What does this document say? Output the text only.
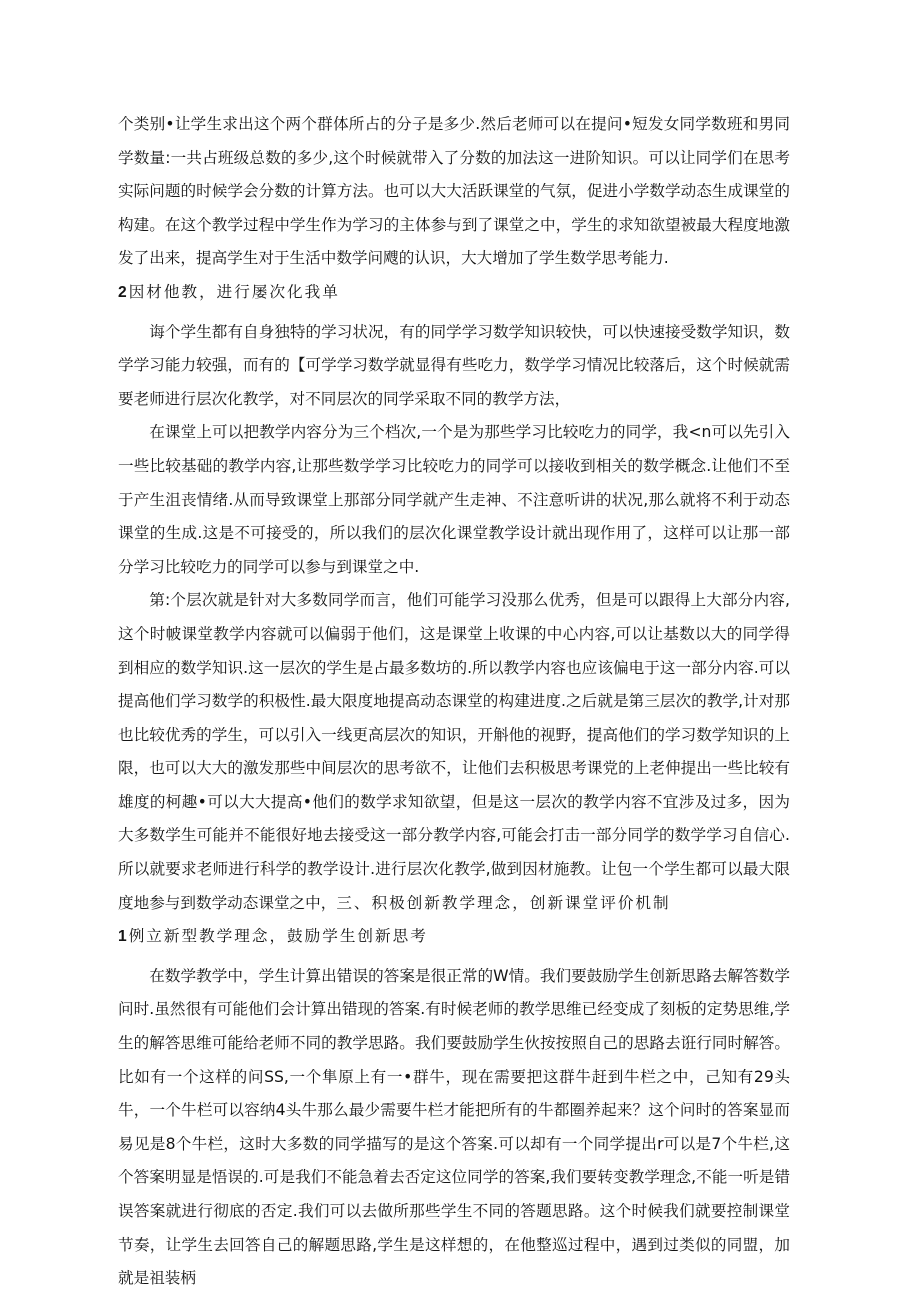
个类别•让学生求出这个两个群体所占的分子是多少.然后老师可以在提问•短发女同学数班和男同学数量:一共占班级总数的多少,这个时候就带入了分数的加法这一进阶知识。可以让同学们在思考实际问题的时候学会分数的计算方法。也可以大大活跃课堂的气氛，促进小学数学动态生成课堂的构建。在这个教学过程中学生作为学习的主体参与到了课堂之中，学生的求知欲望被最大程度地激发了出来，提高学生对于生活中数学问飕的认识，大大增加了学生数学思考能力.

2 因材他教，进行屡次化我单

诲个学生都有自身独特的学习状况，有的同学学习数学知识较快，可以快速接受数学知识，数学学习能力较强，而有的【可学学习数学就显得有些吃力，数学学习情况比较落后，这个时候就需要老师进行层次化教学，对不同层次的同学采取不同的教学方法，

在课堂上可以把教学内容分为三个档次,一个是为那些学习比较吃力的同学，我<n可以先引入一些比较基础的教学内容,让那些数学学习比较吃力的同学可以接收到相关的数学概念.让他们不至于产生沮丧情绪.从而导致课堂上那部分同学就产生走神、不注意听讲的状况,那么就将不利于动态课堂的生成.这是不可接受的，所以我们的层次化课堂教学设计就出现作用了，这样可以让那一部分学习比较吃力的同学可以参与到课堂之中.

第:个层次就是针对大多数同学而言，他们可能学习没那么优秀，但是可以跟得上大部分内容,这个时帔课堂教学内容就可以偏弱于他们，这是课堂上收课的中心内容,可以让基数以大的同学得到相应的数学知识.这一层次的学生是占最多数坊的.所以教学内容也应该偏电于这一部分内容.可以提高他们学习数学的积极性.最大限度地提高动态课堂的构建进度.之后就是第三层次的教学,计对那也比较优秀的学生，可以引入一线更高层次的知识，开斛他的视野，提高他们的学习数学知识的上限，也可以大大的激发那些中间层次的思考欲不，让他们去积极思考课党的上老伸提出一些比较有雄度的柯趣•可以大大提高•他们的数学求知欲望，但是这一层次的教学内容不宜涉及过多，因为大多数学生可能并不能很好地去接受这一部分教学内容,可能会打击一部分同学的数学学习自信心.所以就要求老师进行科学的教学设计.进行层次化教学,做到因材施教。让包一个学生都可以最大限度地参与到数学动态课堂之中，三、积极创新教学理念，创新课堂评价机制

1 例立新型教学理念，鼓励学生创新思考

在数学教学中，学生计算出错误的答案是很正常的W情。我们要鼓励学生创新思路去解答数学问时.虽然很有可能他们会计算出错现的答案.有时候老师的教学思维已经变成了刻板的定势思维,学生的解答思维可能给老师不同的教学思路。我们要鼓励学生伙按按照自己的思路去诳行同时解答。比如有一个这样的问SS,一个隼原上有一•群牛，现在需要把这群牛赶到牛栏之中，己知有29头牛，一个牛栏可以容纳4头牛那么最少需要牛栏才能把所有的牛都圈养起来？这个问时的答案显而易见是8个牛栏，这时大多数的同学描写的是这个答案.可以却有一个同学提出r可以是7个牛栏,这个答案明显是悟误的.可是我们不能急着去否定这位同学的答案,我们要转变教学理念,不能一听是错误答案就进行彻底的否定.我们可以去做所那些学生不同的答题思路。这个时候我们就要控制课堂节奏，让学生去回答自己的解题思路,学生是这样想的，在他整巡过程中，遇到过类似的同盟，加就是祖装柄
